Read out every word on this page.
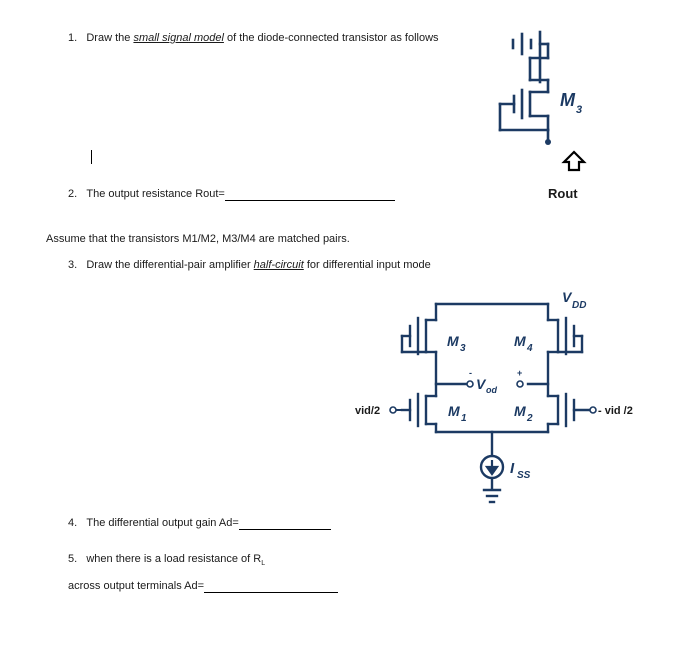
1. Draw the small signal model of the diode-connected transistor as follows
2. The output resistance Rout=
Assume that the transistors M1/M2, M3/M4 are matched pairs.
3. Draw the differential-pair amplifier half-circuit for differential input mode
4. The differential output gain Ad=
5. when there is a load resistance of $R_L$
across output terminals Ad=
M 3
Rout
V
DD
M 3	M 4
M 1	M 2
V od
-	+
vid/2	- vid /2
I SS
